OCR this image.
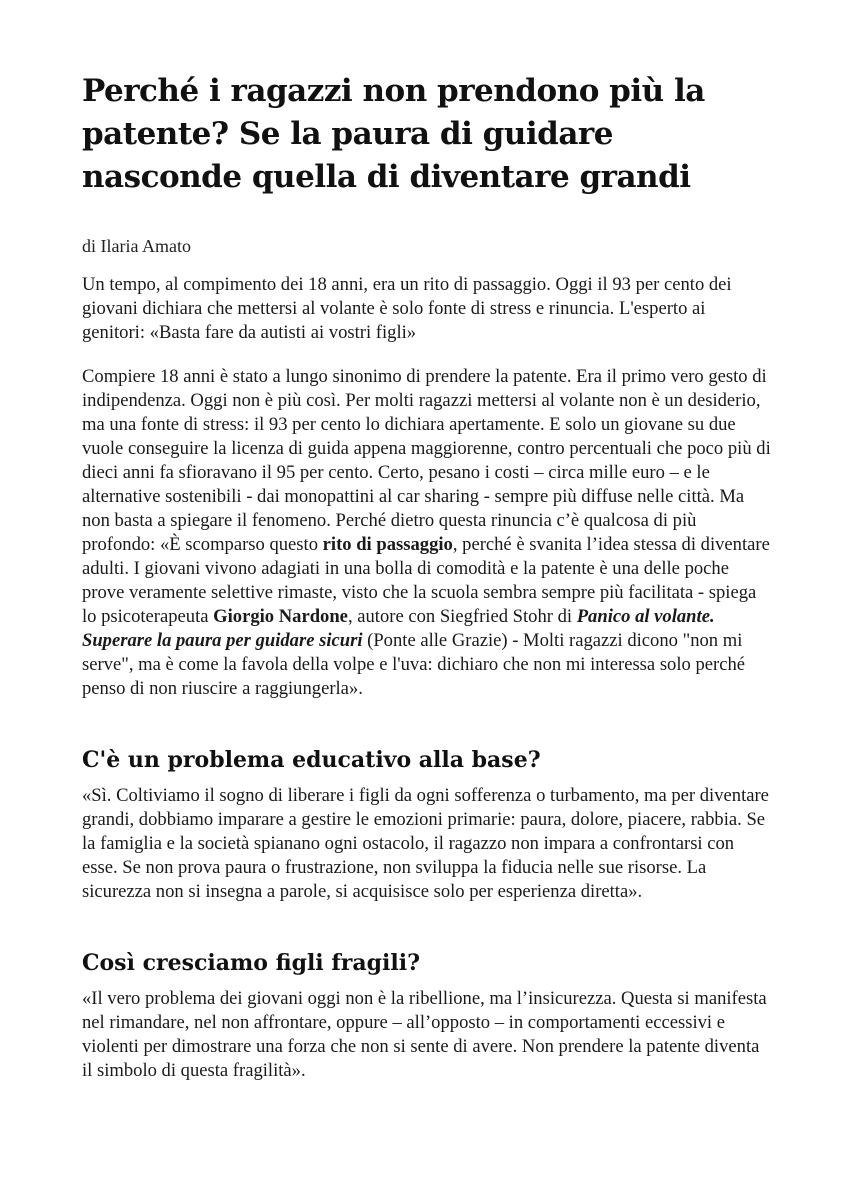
Perché i ragazzi non prendono più la patente? Se la paura di guidare nasconde quella di diventare grandi
di Ilaria Amato
Un tempo, al compimento dei 18 anni, era un rito di passaggio. Oggi il 93 per cento dei giovani dichiara che mettersi al volante è solo fonte di stress e rinuncia. L'esperto ai genitori: «Basta fare da autisti ai vostri figli»
Compiere 18 anni è stato a lungo sinonimo di prendere la patente. Era il primo vero gesto di indipendenza. Oggi non è più così. Per molti ragazzi mettersi al volante non è un desiderio, ma una fonte di stress: il 93 per cento lo dichiara apertamente. E solo un giovane su due vuole conseguire la licenza di guida appena maggiorenne, contro percentuali che poco più di dieci anni fa sfioravano il 95 per cento. Certo, pesano i costi – circa mille euro – e le alternative sostenibili - dai monopattini al car sharing - sempre più diffuse nelle città. Ma non basta a spiegare il fenomeno. Perché dietro questa rinuncia c’è qualcosa di più profondo: «È scomparso questo rito di passaggio, perché è svanita l’idea stessa di diventare adulti. I giovani vivono adagiati in una bolla di comodità e la patente è una delle poche prove veramente selettive rimaste, visto che la scuola sembra sempre più facilitata - spiega lo psicoterapeuta Giorgio Nardone, autore con Siegfried Stohr di Panico al volante. Superare la paura per guidare sicuri (Ponte alle Grazie) - Molti ragazzi dicono "non mi serve", ma è come la favola della volpe e l'uva: dichiaro che non mi interessa solo perché penso di non riuscire a raggiungerla».
C'è un problema educativo alla base?
«Sì. Coltiviamo il sogno di liberare i figli da ogni sofferenza o turbamento, ma per diventare grandi, dobbiamo imparare a gestire le emozioni primarie: paura, dolore, piacere, rabbia. Se la famiglia e la società spianano ogni ostacolo, il ragazzo non impara a confrontarsi con esse. Se non prova paura o frustrazione, non sviluppa la fiducia nelle sue risorse. La sicurezza non si insegna a parole, si acquisisce solo per esperienza diretta».
Così cresciamo figli fragili?
«Il vero problema dei giovani oggi non è la ribellione, ma l’insicurezza. Questa si manifesta nel rimandare, nel non affrontare, oppure – all’opposto – in comportamenti eccessivi e violenti per dimostrare una forza che non si sente di avere. Non prendere la patente diventa il simbolo di questa fragilità».
